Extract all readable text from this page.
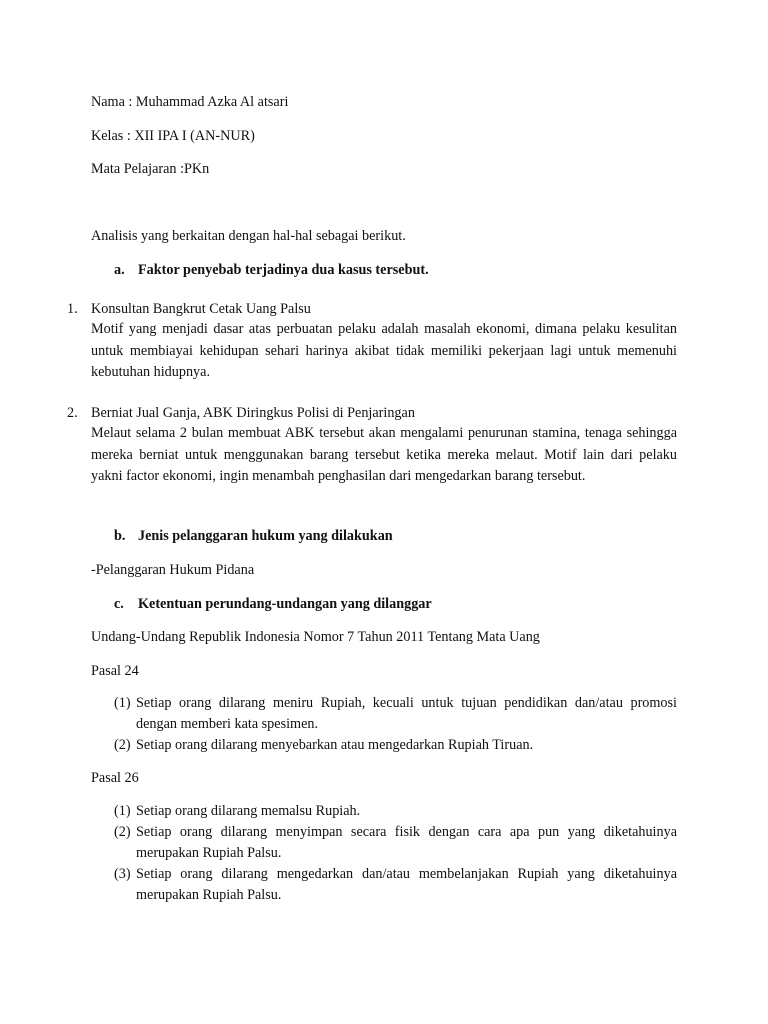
Nama : Muhammad Azka Al atsari
Kelas : XII IPA I (AN-NUR)
Mata Pelajaran :PKn
Analisis yang berkaitan dengan hal-hal sebagai berikut.
a. Faktor penyebab terjadinya dua kasus tersebut.
1. Konsultan Bangkrut Cetak Uang Palsu
Motif yang menjadi dasar atas perbuatan pelaku adalah masalah ekonomi, dimana pelaku kesulitan untuk membiayai kehidupan sehari harinya akibat tidak memiliki pekerjaan lagi untuk memenuhi kebutuhan hidupnya.
2. Berniat Jual Ganja, ABK Diringkus Polisi di Penjaringan
Melaut selama 2 bulan membuat ABK tersebut akan mengalami penurunan stamina, tenaga sehingga mereka berniat untuk menggunakan barang tersebut ketika mereka melaut. Motif lain dari pelaku yakni factor ekonomi, ingin menambah penghasilan dari mengedarkan barang tersebut.
b. Jenis pelanggaran hukum yang dilakukan
-Pelanggaran Hukum Pidana
c. Ketentuan perundang-undangan yang dilanggar
Undang-Undang Republik Indonesia Nomor 7 Tahun 2011 Tentang Mata Uang
Pasal 24
(1) Setiap orang dilarang meniru Rupiah, kecuali untuk tujuan pendidikan dan/atau promosi dengan memberi kata spesimen.
(2) Setiap orang dilarang menyebarkan atau mengedarkan Rupiah Tiruan.
Pasal 26
(1) Setiap orang dilarang memalsu Rupiah.
(2) Setiap orang dilarang menyimpan secara fisik dengan cara apa pun yang diketahuinya merupakan Rupiah Palsu.
(3) Setiap orang dilarang mengedarkan dan/atau membelanjakan Rupiah yang diketahuinya merupakan Rupiah Palsu.
